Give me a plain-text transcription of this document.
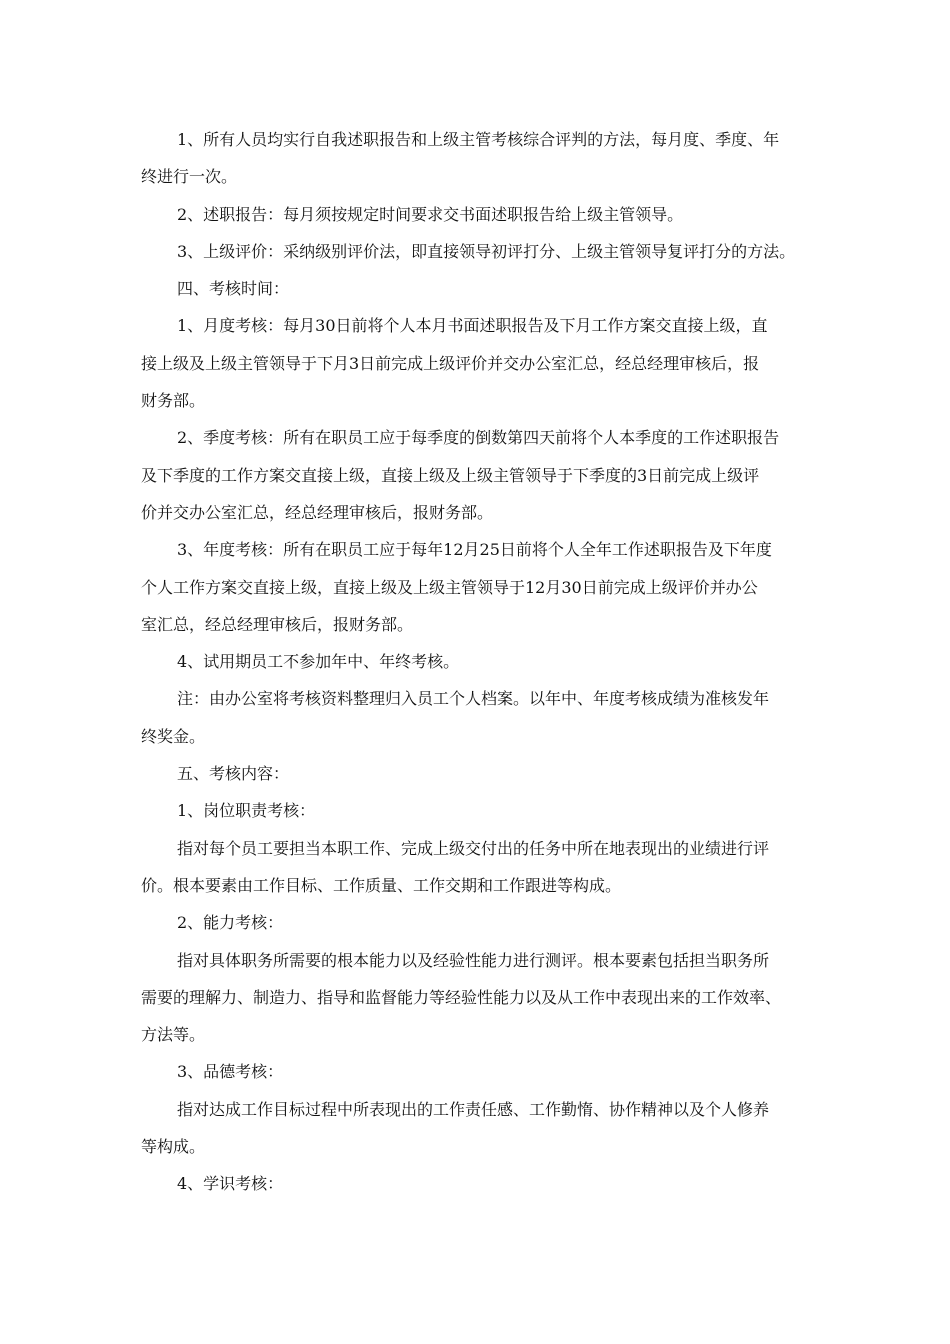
1、所有人员均实行自我述职报告和上级主管考核综合评判的方法，每月度、季度、年
终进行一次。
2、述职报告：每月须按规定时间要求交书面述职报告给上级主管领导。
3、上级评价：采纳级别评价法，即直接领导初评打分、上级主管领导复评打分的方法。
四、考核时间：
1、月度考核：每月30日前将个人本月书面述职报告及下月工作方案交直接上级，直
接上级及上级主管领导于下月3日前完成上级评价并交办公室汇总，经总经理审核后，报
财务部。
2、季度考核：所有在职员工应于每季度的倒数第四天前将个人本季度的工作述职报告
及下季度的工作方案交直接上级，直接上级及上级主管领导于下季度的3日前完成上级评
价并交办公室汇总，经总经理审核后，报财务部。
3、年度考核：所有在职员工应于每年12月25日前将个人全年工作述职报告及下年度
个人工作方案交直接上级，直接上级及上级主管领导于12月30日前完成上级评价并办公
室汇总，经总经理审核后，报财务部。
4、试用期员工不参加年中、年终考核。
注：由办公室将考核资料整理归入员工个人档案。以年中、年度考核成绩为准核发年
终奖金。
五、考核内容：
1、岗位职责考核：
指对每个员工要担当本职工作、完成上级交付出的任务中所在地表现出的业绩进行评
价。根本要素由工作目标、工作质量、工作交期和工作跟进等构成。
2、能力考核：
指对具体职务所需要的根本能力以及经验性能力进行测评。根本要素包括担当职务所
需要的理解力、制造力、指导和监督能力等经验性能力以及从工作中表现出来的工作效率、
方法等。
3、品德考核：
指对达成工作目标过程中所表现出的工作责任感、工作勤惰、协作精神以及个人修养
等构成。
4、学识考核：
